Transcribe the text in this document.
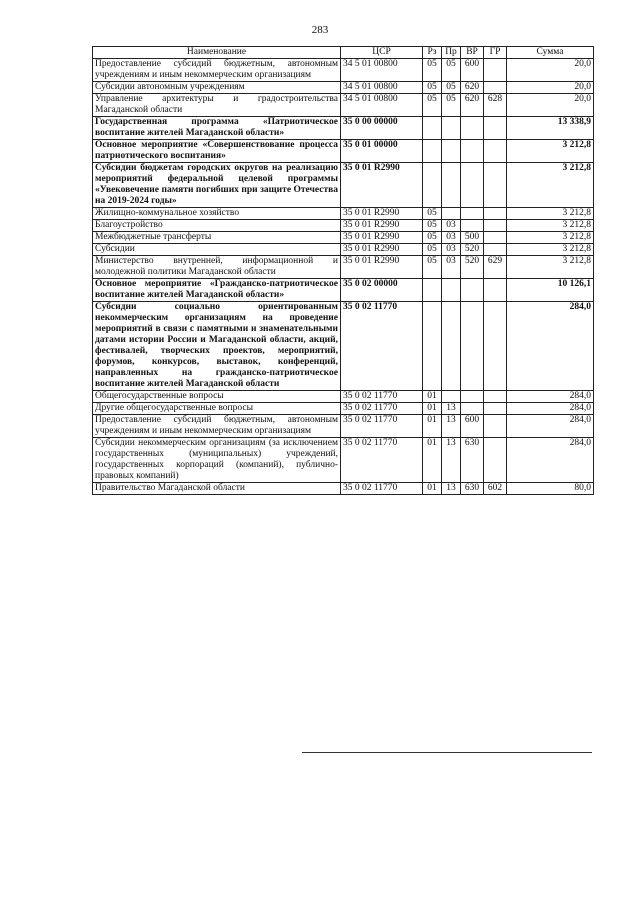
283
Наименование	ЦСР	Рз	Пр	ВР	ГР	Сумма
Предоставление субсидий бюджетным, автономным учреждениям и иным некоммерческим организациям	34 5 01 00800	05	05	600		20,0
Субсидии автономным учреждениям	34 5 01 00800	05	05	620		20,0
Управление архитектуры и градостроительства Магаданской области	34 5 01 00800	05	05	620	628	20,0
Государственная программа «Патриотическое воспитание жителей Магаданской области»	35 0 00 00000					13 338,9
Основное мероприятие «Совершенствование процесса патриотического воспитания»	35 0 01 00000					3 212,8
Субсидии бюджетам городских округов на реализацию мероприятий федеральной целевой программы «Увековечение памяти погибших при защите Отечества на 2019-2024 годы»	35 0 01 R2990					3 212,8
Жилищно-коммунальное хозяйство	35 0 01 R2990	05				3 212,8
Благоустройство	35 0 01 R2990	05	03			3 212,8
Межбюджетные трансферты	35 0 01 R2990	05	03	500		3 212,8
Субсидии	35 0 01 R2990	05	03	520		3 212,8
Министерство внутренней, информационной и молодежной политики Магаданской области	35 0 01 R2990	05	03	520	629	3 212,8
Основное мероприятие «Гражданско-патриотическое воспитание жителей Магаданской области»	35 0 02 00000					10 126,1
Субсидии социально ориентированным некоммерческим организациям на проведение мероприятий в связи с памятными и знаменательными датами истории России и Магаданской области, акций, фестивалей, творческих проектов, мероприятий, форумов, конкурсов, выставок, конференций, направленных на гражданско-патриотическое воспитание жителей Магаданской области	35 0 02 11770					284,0
Общегосударственные вопросы	35 0 02 11770	01				284,0
Другие общегосударственные вопросы	35 0 02 11770	01	13			284,0
Предоставление субсидий бюджетным, автономным учреждениям и иным некоммерческим организациям	35 0 02 11770	01	13	600		284,0
Субсидии некоммерческим организациям (за исключением государственных (муниципальных) учреждений, государственных корпораций (компаний), публично-правовых компаний)	35 0 02 11770	01	13	630		284,0
Правительство Магаданской области	35 0 02 11770	01	13	630	602	80,0
